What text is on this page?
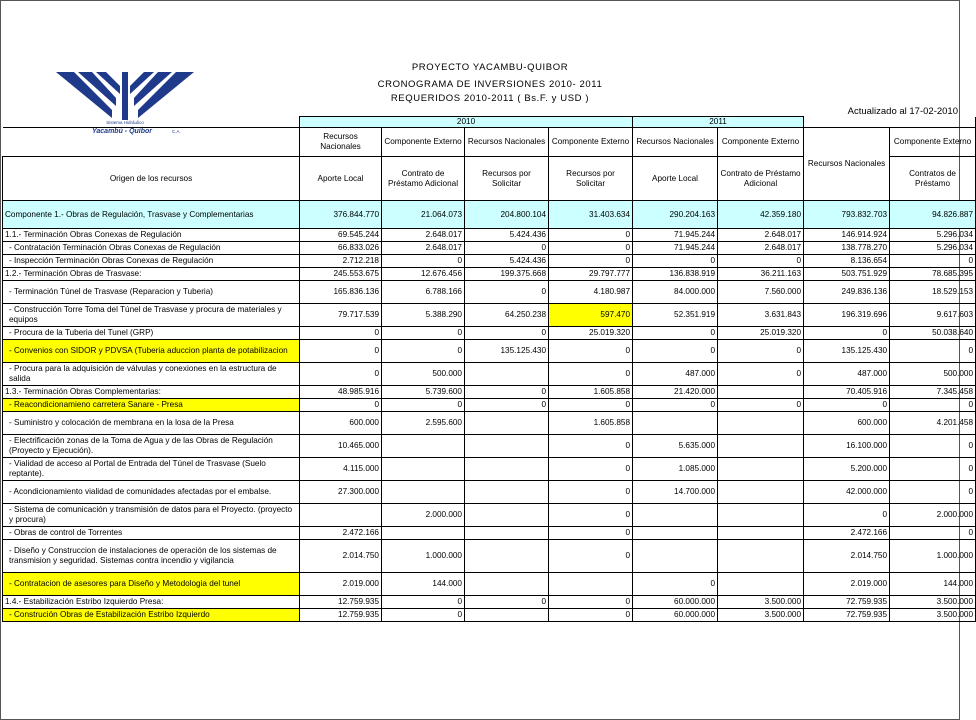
Sistema Hidráulico
Yacambú - Quíbor	C.A.
PROYECTO YACAMBU-QUIBOR
CRONOGRAMA DE INVERSIONES 2010- 2011
REQUERIDOS 2010-2011 ( Bs.F. y USD )
Actualizado al 17-02-2010
	2010				2011			
	Recursos Nacionales	Componente Externo	Recursos Nacionales	Componente Externo	Recursos Nacionales	Componente Externo	Recursos Nacionales	Componente Externo
Origen de los recursos	Aporte Local	Contrato de Préstamo Adicional	Recursos por Solicitar	Recursos por Solicitar	Aporte Local	Contrato de Préstamo Adicional		Contratos de Préstamo
Componente 1.- Obras de Regulación, Trasvase y Complementarias	376.844.770	21.064.073	204.800.104	31.403.634	290.204.163	42.359.180	793.832.703	94.826.887
1.1.- Terminación Obras Conexas de Regulación	69.545.244	2.648.017	5.424.436	0	71.945.244	2.648.017	146.914.924	5.296.034
- Contratación Terminación Obras Conexas de Regulación	66.833.026	2.648.017	0	0	71.945.244	2.648.017	138.778.270	5.296.034
- Inspección Terminación Obras Conexas de Regulación	2.712.218	0	5.424.436	0	0	0	8.136.654	0
1.2.- Terminación Obras de Trasvase:	245.553.675	12.676.456	199.375.668	29.797.777	136.838.919	36.211.163	503.751.929	78.685.395
- Terminación Túnel de Trasvase (Reparacion y Tuberia)	165.836.136	6.788.166	0	4.180.987	84.000.000	7.560.000	249.836.136	18.529.153
- Construcción Torre Toma del Túnel de Trasvase y procura de materiales y equipos	79.717.539	5.388.290	64.250.238	597.470	52.351.919	3.631.843	196.319.696	9.617.603
- Procura de la Tuberia del Tunel (GRP)	0	0	0	25.019.320	0	25.019.320	0	50.038.640
- Convenios con SIDOR y PDVSA (Tuberia aduccion planta de potabilizacion	0	0	135.125.430	0	0	0	135.125.430	0
- Procura para la adquisición de válvulas y conexiones en la estructura de salida	0	500.000		0	487.000	0	487.000	500.000
1.3.- Terminación Obras Complementarias:	48.985.916	5.739.600	0	1.605.858	21.420.000		70.405.916	7.345.458
- Reacondicionamieno carretera Sanare - Presa	0	0	0	0	0	0	0	0
- Suministro y colocación de membrana en la losa de la Presa	600.000	2.595.600		1.605.858			600.000	4.201.458
- Electrificación zonas de la Toma de Agua y de las Obras de Regulación (Proyecto y Ejecución).	10.465.000			0	5.635.000		16.100.000	0
- Vialidad de acceso al Portal de Entrada del Túnel de Trasvase (Suelo reptante).	4.115.000			0	1.085.000		5.200.000	0
- Acondicionamiento vialidad de comunidades afectadas por el embalse.	27.300.000			0	14.700.000		42.000.000	0
- Sistema de comunicación y transmisión de datos para el Proyecto. (proyecto y procura)		2.000.000		0			0	2.000.000
- Obras de control de Torrentes	2.472.166			0			2.472.166	0
- Diseño y Construccion de instalaciones de operación de los sistemas de transmision y seguridad. Sistemas contra incendio y vigilancia	2.014.750	1.000.000		0			2.014.750	1.000.000
- Contratacion de asesores para Diseño y Metodologia del tunel	2.019.000	144.000			0		2.019.000	144.000
1.4.- Estabilización Estribo Izquierdo Presa:	12.759.935	0	0	0	60.000.000	3.500.000	72.759.935	3.500.000
- Construción Obras de Estabilización Estribo Izquierdo	12.759.935	0		0	60.000.000	3.500.000	72.759.935	3.500.000
